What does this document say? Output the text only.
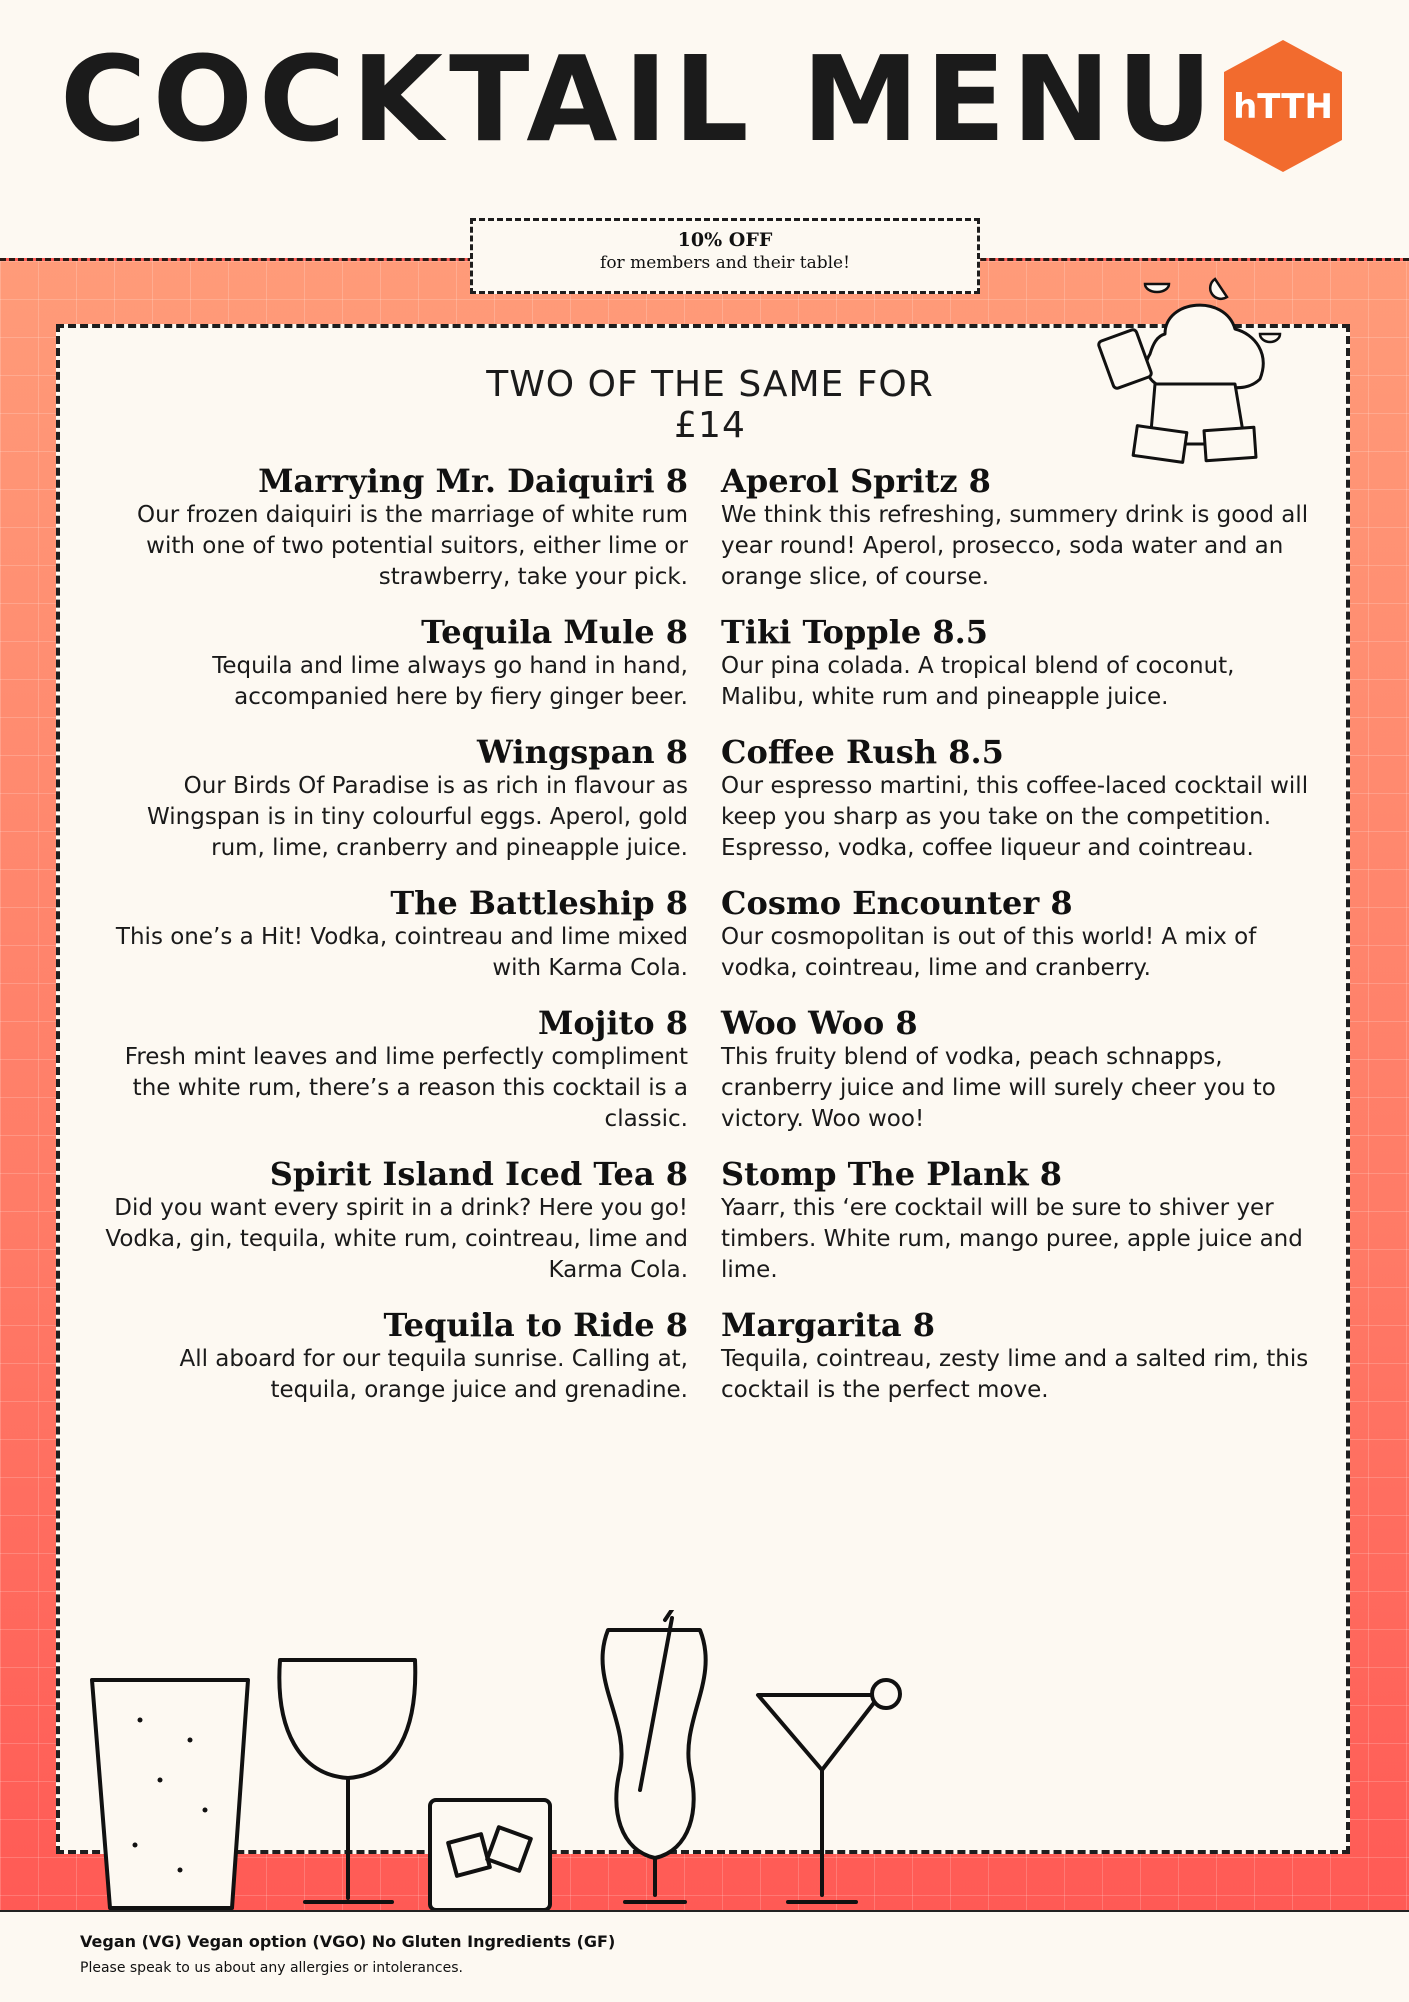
COCKTAIL MENU hTTH
10% OFF
for members and their table!
TWO OF THE SAME FOR £14
Marrying Mr. Daiquiri 8

Our frozen daiquiri is the marriage of white rum with one of two potential suitors, either lime or strawberry, take your pick.

Tequila Mule 8

Tequila and lime always go hand in hand, accompanied here by fiery ginger beer.

Wingspan 8

Our Birds Of Paradise is as rich in flavour as Wingspan is in tiny colourful eggs. Aperol, gold rum, lime, cranberry and pineapple juice.

The Battleship 8

This one’s a Hit! Vodka, cointreau and lime mixed with Karma Cola.

Mojito 8

Fresh mint leaves and lime perfectly compliment the white rum, there’s a reason this cocktail is a classic.

Spirit Island Iced Tea 8

Did you want every spirit in a drink? Here you go! Vodka, gin, tequila, white rum, cointreau, lime and Karma Cola.

Tequila to Ride 8

All aboard for our tequila sunrise. Calling at, tequila, orange juice and grenadine.

Aperol Spritz 8

We think this refreshing, summery drink is good all year round! Aperol, prosecco, soda water and an orange slice, of course.

Tiki Topple 8.5

Our pina colada. A tropical blend of coconut, Malibu, white rum and pineapple juice.

Coffee Rush 8.5

Our espresso martini, this coffee-laced cocktail will keep you sharp as you take on the competition. Espresso, vodka, coffee liqueur and cointreau.

Cosmo Encounter 8

Our cosmopolitan is out of this world! A mix of vodka, cointreau, lime and cranberry.

Woo Woo 8

This fruity blend of vodka, peach schnapps, cranberry juice and lime will surely cheer you to victory. Woo woo!

Stomp The Plank 8

Yaarr, this ‘ere cocktail will be sure to shiver yer timbers. White rum, mango puree, apple juice and lime.

Margarita 8

Tequila, cointreau, zesty lime and a salted rim, this cocktail is the perfect move.

Vegan (VG) Vegan option (VGO) No Gluten Ingredients (GF)
Please speak to us about any allergies or intolerances.
